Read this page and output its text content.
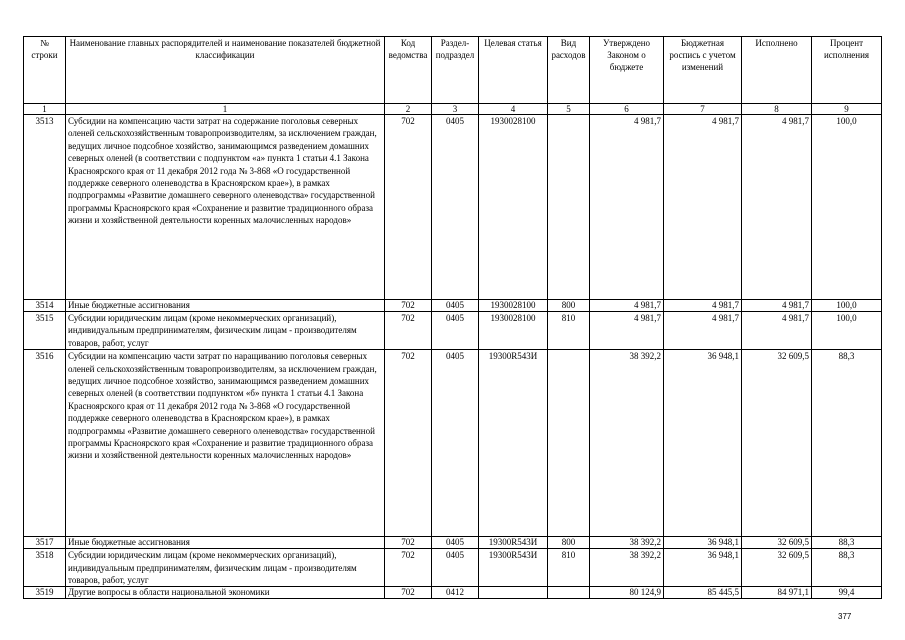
№ строки	Наименование главных распорядителей и наименование показателей бюджетной классификации	Код ведомства	Раздел-подраздел	Целевая статья	Вид расходов	Утверждено Законом о бюджете	Бюджетная роспись с учетом изменений	Исполнено	Процент исполнения
1	1	2	3	4	5	6	7	8	9
3513	Субсидии на компенсацию части затрат на содержание поголовья северных оленей сельскохозяйственным товаропроизводителям, за исключением граждан, ведущих личное подсобное хозяйство, занимающимся разведением домашних северных оленей (в соответствии с подпунктом «а» пункта 1 статьи 4.1 Закона Красноярского края от 11 декабря 2012 года № 3-868 «О государственной поддержке северного оленеводства в Красноярском крае»), в рамках подпрограммы «Развитие домашнего северного оленеводства» государственной программы Красноярского края «Сохранение и развитие традиционного образа жизни и хозяйственной деятельности коренных малочисленных народов»	702	0405	1930028100		4 981,7	4 981,7	4 981,7	100,0
3514	Иные бюджетные ассигнования	702	0405	1930028100	800	4 981,7	4 981,7	4 981,7	100,0
3515	Субсидии юридическим лицам (кроме некоммерческих организаций), индивидуальным предпринимателям, физическим лицам - производителям товаров, работ, услуг	702	0405	1930028100	810	4 981,7	4 981,7	4 981,7	100,0
3516	Субсидии на компенсацию части затрат по наращиванию поголовья северных оленей сельскохозяйственным товаропроизводителям, за исключением граждан, ведущих личное подсобное хозяйство, занимающимся разведением домашних северных оленей (в соответствии подпунктом «б» пункта 1 статьи 4.1 Закона Красноярского края от 11 декабря 2012 года № 3-868 «О государственной поддержке северного оленеводства в Красноярском крае»), в рамках подпрограммы «Развитие домашнего северного оленеводства» государственной программы Красноярского края «Сохранение и развитие традиционного образа жизни и хозяйственной деятельности коренных малочисленных народов»	702	0405	19300R543И		38 392,2	36 948,1	32 609,5	88,3
3517	Иные бюджетные ассигнования	702	0405	19300R543И	800	38 392,2	36 948,1	32 609,5	88,3
3518	Субсидии юридическим лицам (кроме некоммерческих организаций), индивидуальным предпринимателям, физическим лицам - производителям товаров, работ, услуг	702	0405	19300R543И	810	38 392,2	36 948,1	32 609,5	88,3
3519	Другие вопросы в области национальной экономики	702	0412			80 124,9	85 445,5	84 971,1	99,4
377
